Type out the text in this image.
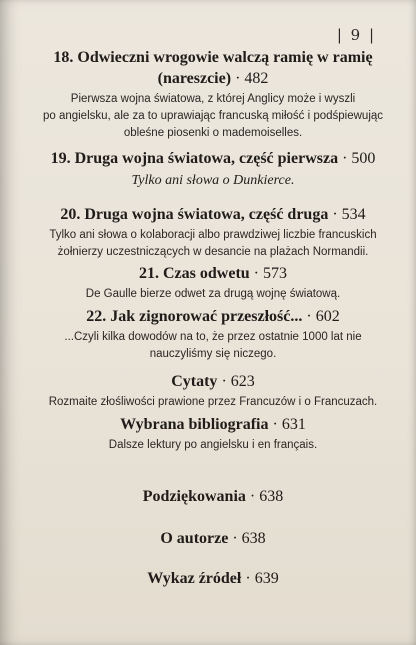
| 9 |

18. Odwieczni wrogowie walczą ramię w ramię
(nareszcie) · 482

Pierwsza wojna światowa, z której Anglicy może i wyszli
po angielsku, ale za to uprawiając francuską miłość i podśpiewując
obleśne piosenki o mademoiselles.

19. Druga wojna światowa, część pierwsza · 500

Tylko ani słowa o Dunkierce.

20. Druga wojna światowa, część druga · 534

Tylko ani słowa o kolaboracji albo prawdziwej liczbie francuskich
żołnierzy uczestniczących w desancie na plażach Normandii.

21. Czas odwetu · 573

De Gaulle bierze odwet za drugą wojnę światową.

22. Jak zignorować przeszłość... · 602

...Czyli kilka dowodów na to, że przez ostatnie 1000 lat nie
nauczyliśmy się niczego.

Cytaty · 623

Rozmaite złośliwości prawione przez Francuzów i o Francuzach.

Wybrana bibliografia · 631

Dalsze lektury po angielsku i en français.

Podziękowania · 638

O autorze · 638

Wykaz źródeł · 639
